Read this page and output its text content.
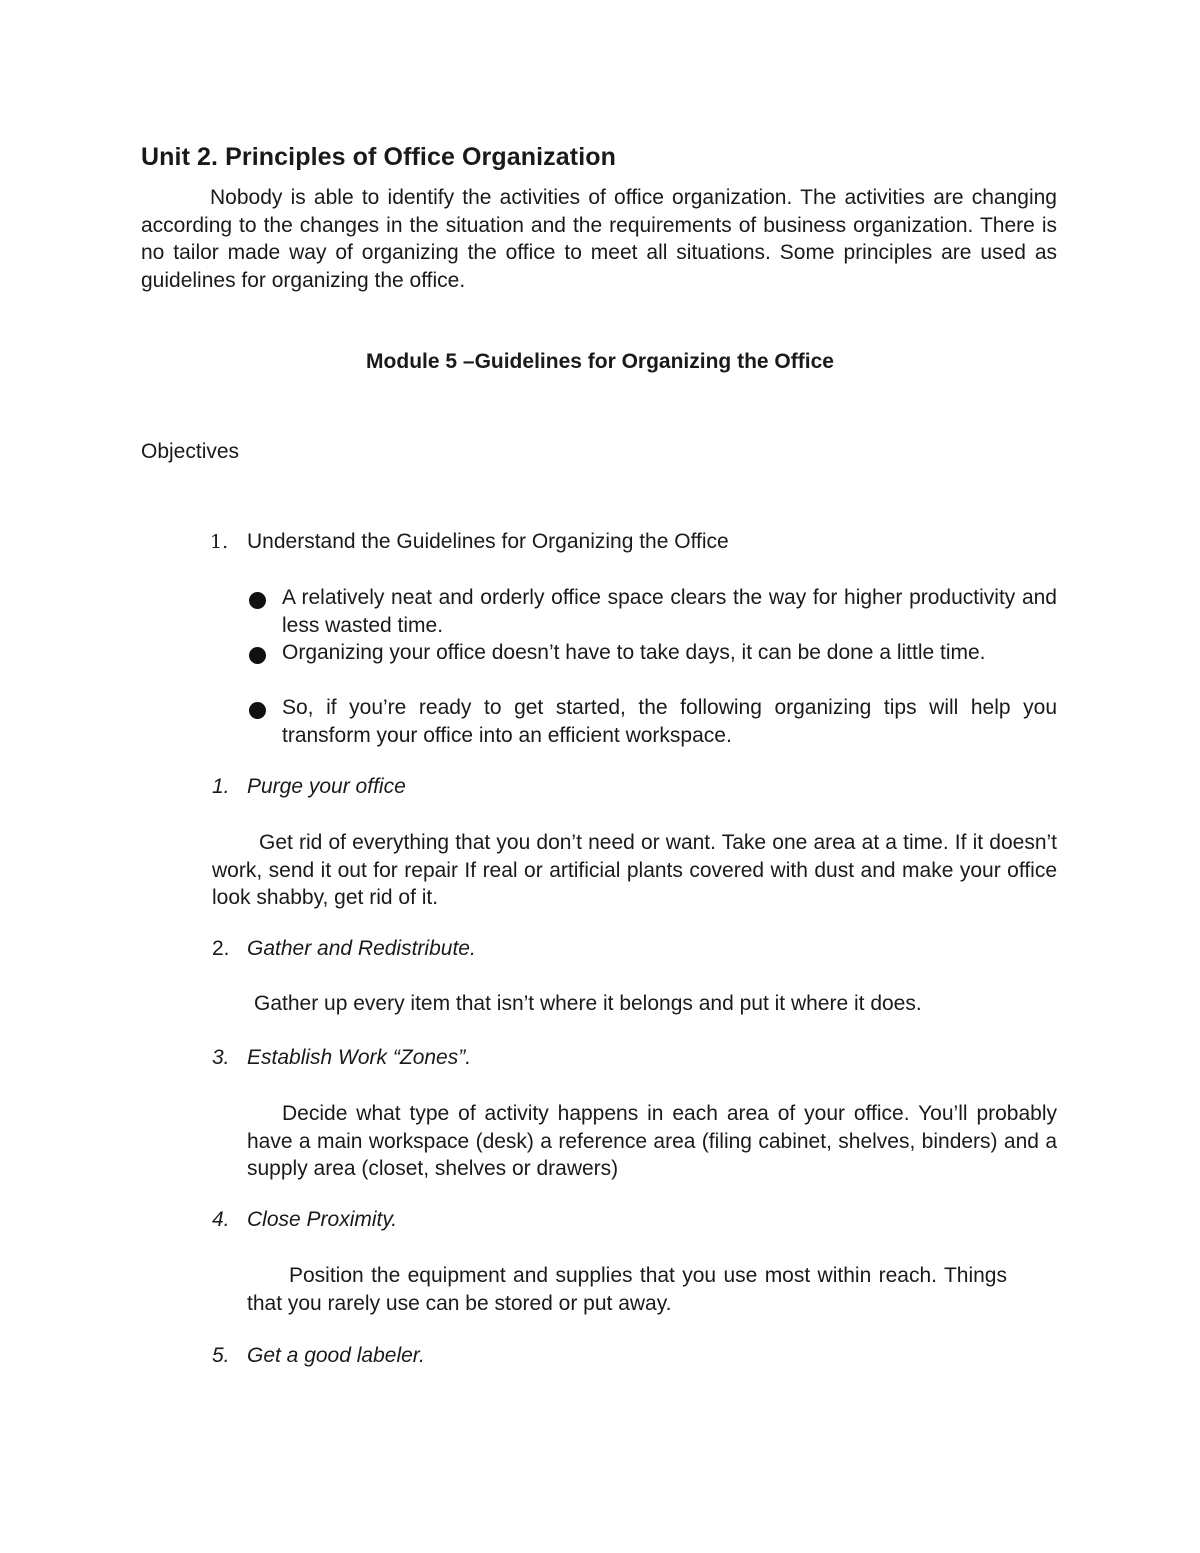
Unit 2. Principles of Office Organization
Nobody is able to identify the activities of office organization. The activities are changing according to the changes in the situation and the requirements of business organization. There is no tailor made way of organizing the office to meet all situations. Some principles are used as guidelines for organizing the office.
Module 5 –Guidelines for Organizing the Office
Objectives
1. Understand the Guidelines for Organizing the Office
A relatively neat and orderly office space clears the way for higher productivity and less wasted time.
Organizing your office doesn’t have to take days, it can be done a little time.
So, if you’re ready to get started, the following organizing tips will help you transform your office into an efficient workspace.
1. Purge your office
Get rid of everything that you don’t need or want. Take one area at a time. If it doesn’t work, send it out for repair If real or artificial plants covered with dust and make your office look shabby, get rid of it.
2. Gather and Redistribute.
Gather up every item that isn’t where it belongs and put it where it does.
3. Establish Work “Zones”.
Decide what type of activity happens in each area of your office. You’ll probably have a main workspace (desk) a reference area (filing cabinet, shelves, binders) and a supply area (closet, shelves or drawers)
4. Close Proximity.
Position the equipment and supplies that you use most within reach. Things that you rarely use can be stored or put away.
5. Get a good labeler.
